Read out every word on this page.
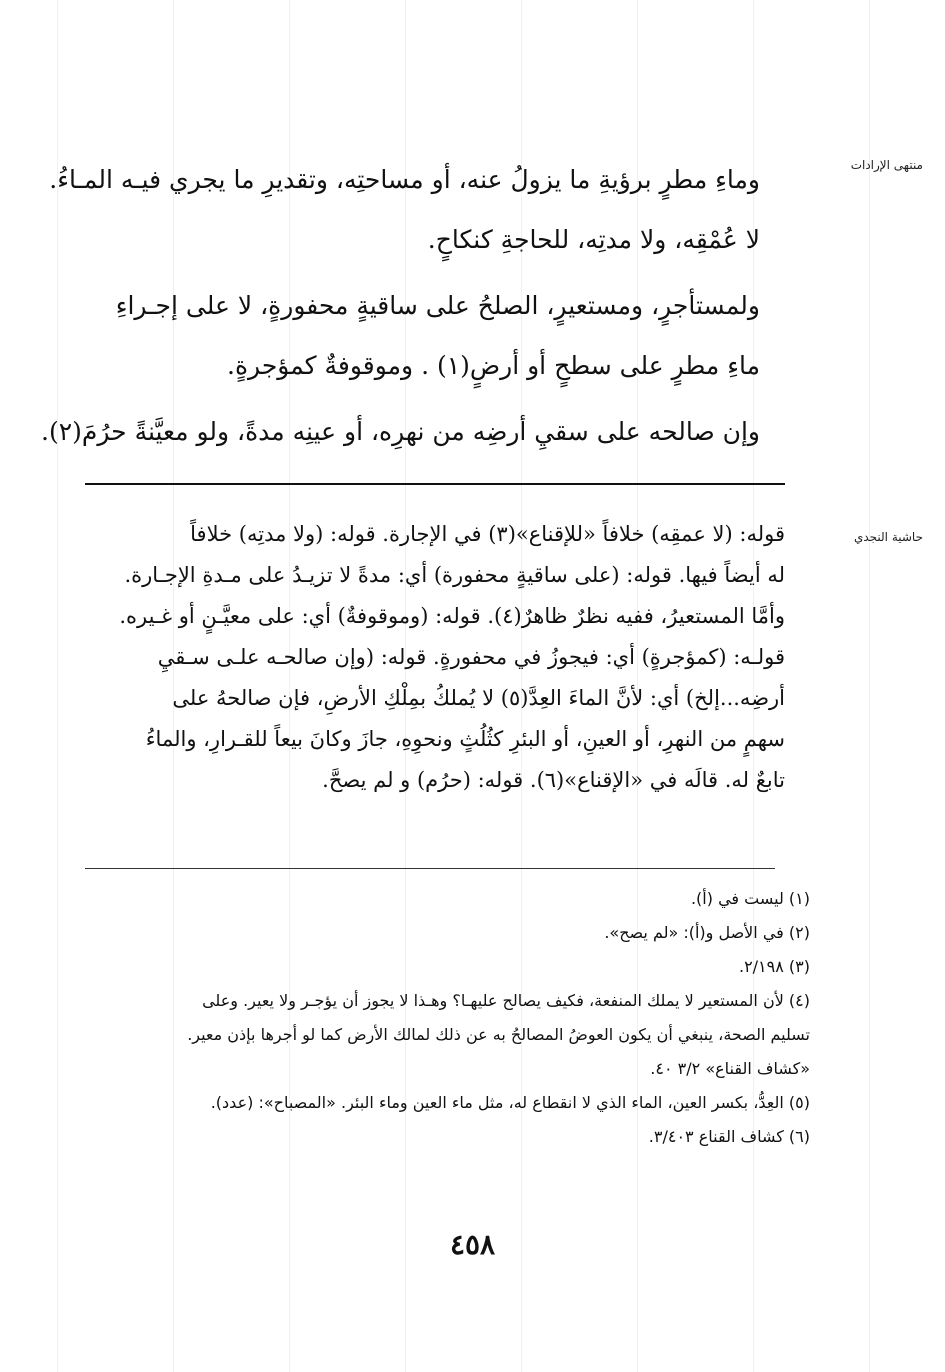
منتهى الإرادات
وماءِ مطرٍ برؤيةِ ما يزولُ عنه، أو مساحتِه، وتقديرِ ما يجري فيـه المـاءُ.
لا عُمْقِه، ولا مدتِه، للحاجةِ كنكاحٍ.
ولمستأجرٍ، ومستعيرٍ، الصلحُ على ساقيةٍ محفورةٍ، لا على إجـراءِ
ماءِ مطرٍ على سطحٍ أو أرضٍ(١) . وموقوفةٌ كمؤجرةٍ.
وإن صالحه على سقيِ أرضِه من نهرِه، أو عينِه مدةً، ولو معيَّنةً حرُمَ(٢).
حاشية النجدي
قوله: (لا عمقِه) خلافاً «للإقناع»(٣) في الإجارة. قوله: (ولا مدتِه) خلافاً
له أيضاً فيها. قوله: (على ساقيةٍ محفورة) أي: مدةً لا تزيـدُ على مـدةِ الإجـارة.
وأمَّا المستعيرُ، ففيه نظرٌ ظاهرٌ(٤). قوله: (وموقوفةٌ) أي: على معيَّـنٍ أو غـيره.
قولـه: (كمؤجرةٍ) أي: فيجوزُ في محفورةٍ. قوله: (وإن صالحـه علـى سـقيِ
أرضِه...إلخ) أي: لأنَّ الماءَ العِدَّ(٥) لا يُملكُ بمِلْكِ الأرضِ، فإن صالحهُ على
سهمٍ من النهرِ، أو العينِ، أو البئرِ كثُلُثٍ ونحوِهِ، جازَ وكانَ بيعاً للقـرارِ، والماءُ
تابعٌ له. قالَه في «الإقناع»(٦). قوله: (حرُم) و لم يصحَّ.
(١) ليست في (أ).
(٢) في الأصل و(أ): «لم يصح».
(٣) ٢/١٩٨.
(٤) لأن المستعير لا يملك المنفعة، فكيف يصالح عليهـا؟ وهـذا لا يجوز أن يؤجـر ولا يعير. وعلى
تسليم الصحة، ينبغي أن يكون العوضُ المصالحُ به عن ذلك لمالك الأرض كما لو أجرها بإذن معير.
«كشاف القناع» ٣/٢ ٤٠.
(٥) العِدُّ، بكسر العين، الماء الذي لا انقطاع له، مثل ماء العين وماء البئر. «المصباح»: (عدد).
(٦) كشاف القناع ٣/٤٠٣.
٤٥٨
